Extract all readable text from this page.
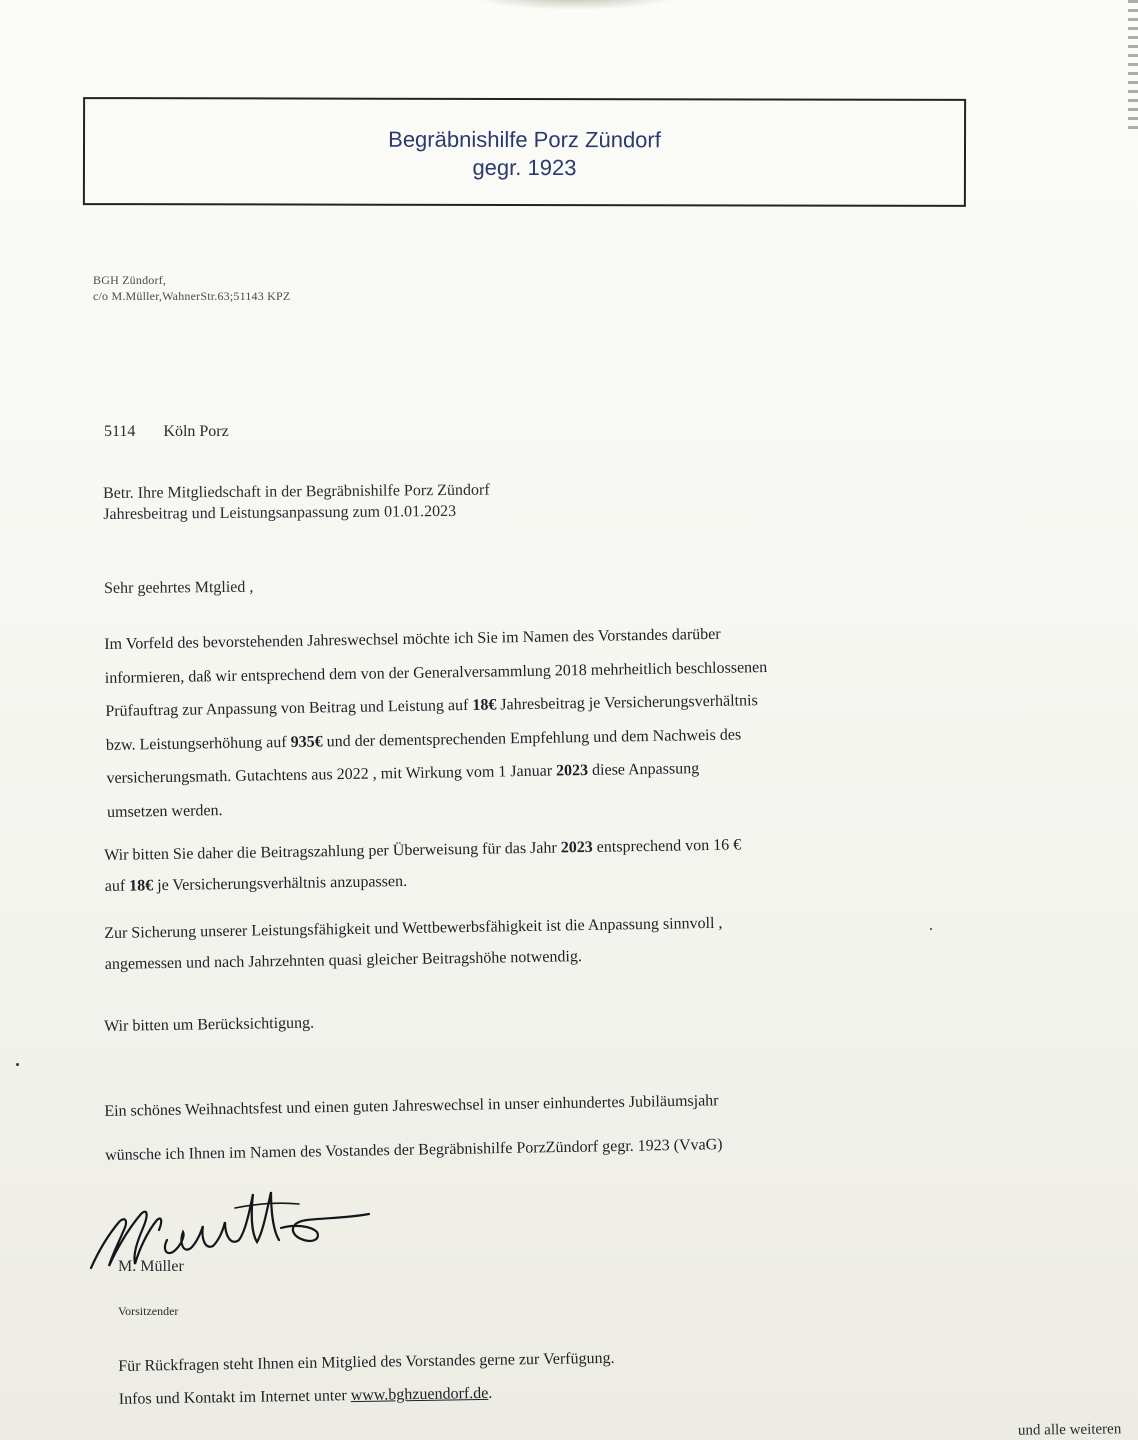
Begräbnishilfe Porz Zündorf
gegr. 1923
BGH Zündorf,
c/o M.Müller,WahnerStr.63;51143 KPZ
5114 Köln Porz
Betr. Ihre Mitgliedschaft in der Begräbnishilfe Porz Zündorf
Jahresbeitrag und Leistungsanpassung zum 01.01.2023
Sehr geehrtes Mtglied ,
Im Vorfeld des bevorstehenden Jahreswechsel möchte ich Sie im Namen des Vorstandes darüber
informieren, daß wir entsprechend dem von der Generalversammlung 2018 mehrheitlich beschlossenen
Prüfauftrag zur Anpassung von Beitrag und Leistung auf 18€ Jahresbeitrag je Versicherungsverhältnis
bzw. Leistungserhöhung auf 935€ und der dementsprechenden Empfehlung und dem Nachweis des
versicherungsmath. Gutachtens aus 2022 , mit Wirkung vom 1 Januar 2023 diese Anpassung
umsetzen werden.
Wir bitten Sie daher die Beitragszahlung per Überweisung für das Jahr 2023 entsprechend von 16 €
auf 18€ je Versicherungsverhältnis anzupassen.
Zur Sicherung unserer Leistungsfähigkeit und Wettbewerbsfähigkeit ist die Anpassung sinnvoll ,
angemessen und nach Jahrzehnten quasi gleicher Beitragshöhe notwendig.
Wir bitten um Berücksichtigung.
Ein schönes Weihnachtsfest und einen guten Jahreswechsel in unser einhundertes Jubiläumsjahr
wünsche ich Ihnen im Namen des Vostandes der Begräbnishilfe PorzZündorf gegr. 1923 (VvaG)
M. Müller
Vorsitzender
Für Rückfragen steht Ihnen ein Mitglied des Vorstandes gerne zur Verfügung.
Infos und Kontakt im Internet unter www.bghzuendorf.de.
und alle weiteren
